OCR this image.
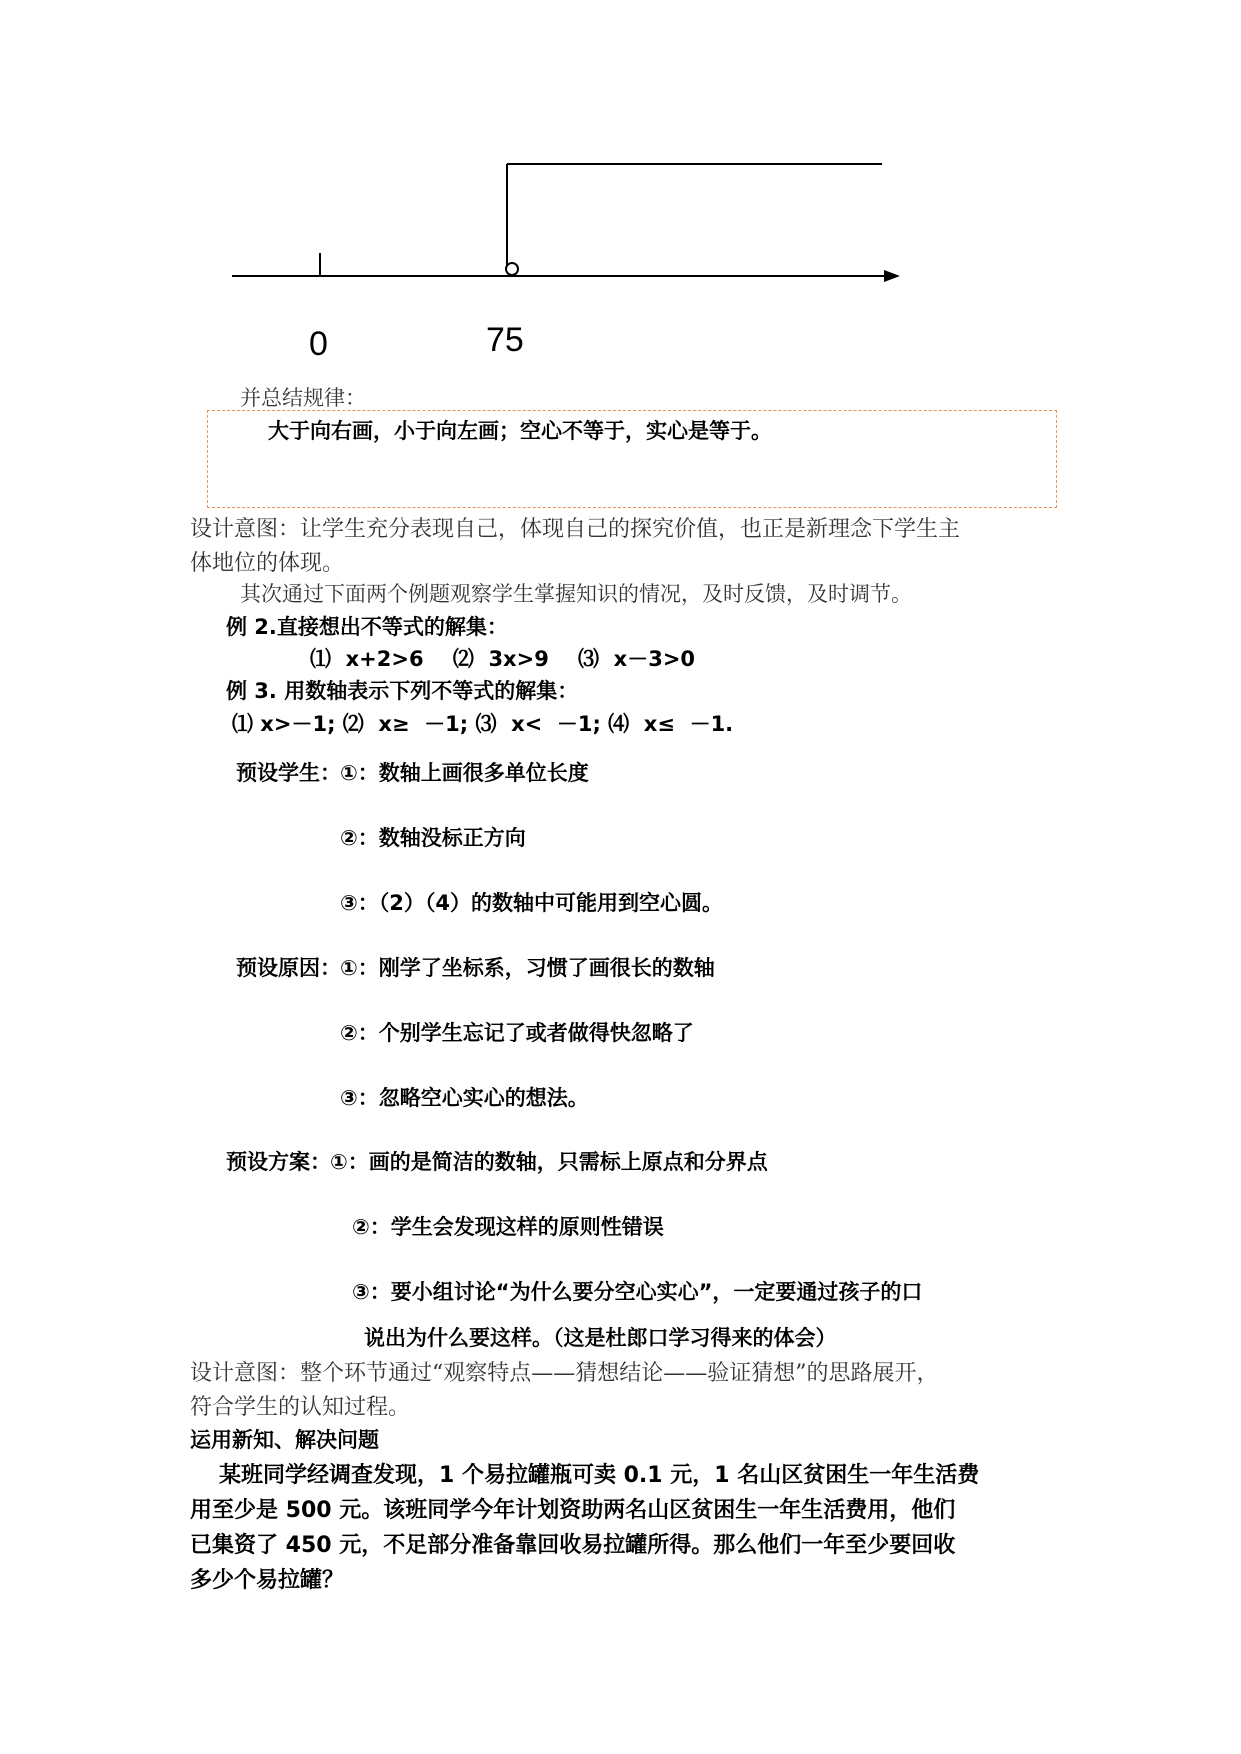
0	75
并总结规律：
大于向右画，小于向左画；空心不等于，实心是等于。
设计意图：让学生充分表现自己，体现自己的探究价值，也正是新理念下学生主
体地位的体现。
其次通过下面两个例题观察学生掌握知识的情况，及时反馈，及时调节。
例 2.直接想出不等式的解集：
⑴  x+2>6    ⑵  3x>9    ⑶  x－3>0
例 3. 用数轴表示下列不等式的解集：
⑴ x>－1; ⑵  x≥  －1; ⑶  x<  －1; ⑷  x≤  －1.
预设学生： ①：数轴上画很多单位长度
②：数轴没标正方向
③：（2）（4）的数轴中可能用到空心圆。
预设原因： ①：刚学了坐标系，习惯了画很长的数轴
②：个别学生忘记了或者做得快忽略了
③：忽略空心实心的想法。
预设方案： ①：画的是简洁的数轴，只需标上原点和分界点
②：学生会发现这样的原则性错误
③：要小组讨论“为什么要分空心实心”，一定要通过孩子的口
说出为什么要这样。（这是杜郎口学习得来的体会）
设计意图：整个环节通过“观察特点——猜想结论——验证猜想”的思路展开，
符合学生的认知过程。
运用新知、解决问题
某班同学经调查发现，1 个易拉罐瓶可卖 0.1 元，1 名山区贫困生一年生活费
用至少是 500 元。该班同学今年计划资助两名山区贫困生一年生活费用，他们
已集资了 450 元，不足部分准备靠回收易拉罐所得。那么他们一年至少要回收
多少个易拉罐？
